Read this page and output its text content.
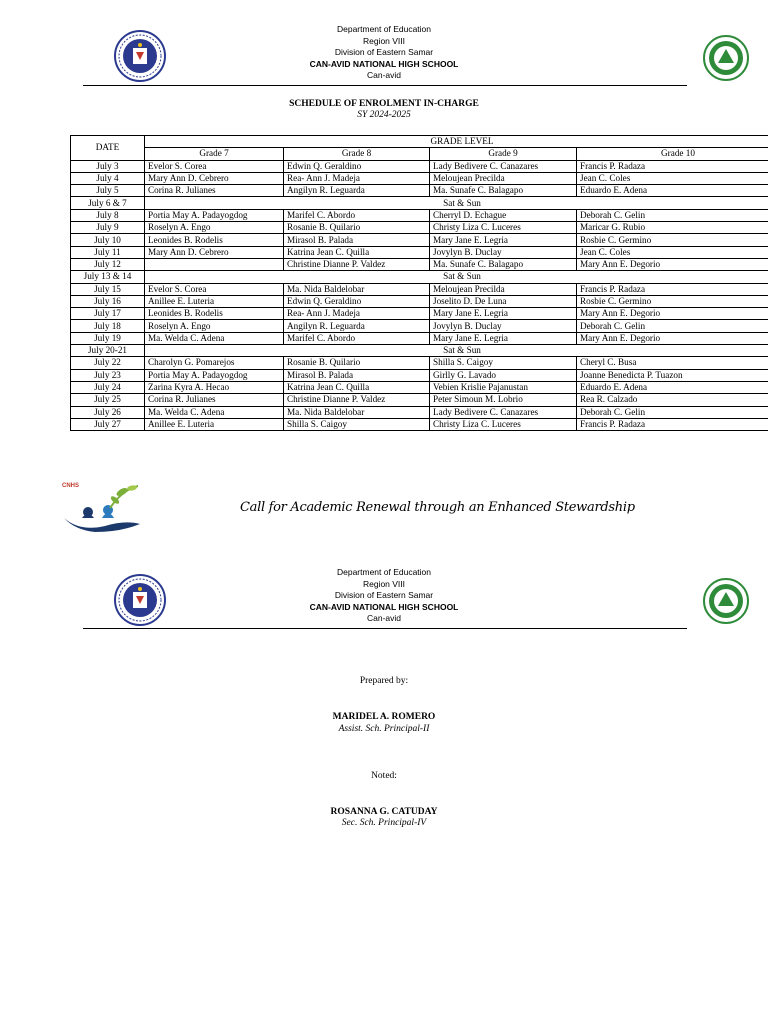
Department of Education
Region VIII
Division of Eastern Samar
CAN-AVID NATIONAL HIGH SCHOOL
Can-avid
SCHEDULE OF ENROLMENT IN-CHARGE
SY 2024-2025
DATE	GRADE LEVEL			
	Grade 7	Grade 8	Grade 9	Grade 10
July 3	Evelor S. Corea	Edwin Q. Geraldino	Lady Bedivere C. Canazares	Francis P. Radaza
July 4	Mary Ann D. Cebrero	Rea- Ann J. Madeja	Meloujean Precilda	Jean C. Coles
July 5	Corina R. Julianes	Angilyn R. Leguarda	Ma. Sunafe C. Balagapo	Eduardo E. Adena
July 6 & 7	Sat & Sun			
July 8	Portia May A. Padayogdog	Marifel C. Abordo	Cherryl D. Echague	Deborah C. Gelin
July 9	Roselyn A. Engo	Rosanie B. Quilario	Christy Liza C. Luceres	Maricar G. Rubio
July 10	Leonides B. Rodelis	Mirasol B. Palada	Mary Jane E. Legria	Rosbie C. Germino
July 11	Mary Ann D. Cebrero	Katrina Jean C. Quilla	Jovylyn B. Duclay	Jean C. Coles
July 12		Christine Dianne P. Valdez	Ma. Sunafe C. Balagapo	Mary Ann E. Degorio
July 13 & 14	Sat & Sun			
July 15	Evelor S. Corea	Ma. Nida Baldelobar	Meloujean Precilda	Francis P. Radaza
July 16	Anillee E. Luteria	Edwin Q. Geraldino	Joselito D. De Luna	Rosbie C. Germino
July 17	Leonides B. Rodelis	Rea- Ann J. Madeja	Mary Jane E. Legria	Mary Ann E. Degorio
July 18	Roselyn A. Engo	Angilyn R. Leguarda	Jovylyn B. Duclay	Deborah C. Gelin
July 19	Ma. Welda C. Adena	Marifel C. Abordo	Mary Jane E. Legria	Mary Ann E. Degorio
July 20-21	Sat & Sun			
July 22	Charolyn G. Pomarejos	Rosanie B. Quilario	Shilla S. Caigoy	Cheryl C. Busa
July 23	Portia May A. Padayogdog	Mirasol B. Palada	Girlly G. Lavado	Joanne Benedicta P. Tuazon
July 24	Zarina Kyra A. Hecao	Katrina Jean C. Quilla	Vebien Krislie Pajanustan	Eduardo E. Adena
July 25	Corina R. Julianes	Christine Dianne P. Valdez	Peter Simoun M. Lobrio	Rea R. Calzado
July 26	Ma. Welda C. Adena	Ma. Nida Baldelobar	Lady Bedivere C. Canazares	Deborah C. Gelin
July 27	Anillee E. Luteria	Shilla S. Caigoy	Christy Liza C. Luceres	Francis P. Radaza
CNHS
Call for Academic Renewal through an Enhanced Stewardship
Department of Education
Region VIII
Division of Eastern Samar
CAN-AVID NATIONAL HIGH SCHOOL
Can-avid
Prepared by:
MARIDEL A. ROMERO
Assist. Sch. Principal-II
Noted:
ROSANNA G. CATUDAY
Sec. Sch. Principal-IV
